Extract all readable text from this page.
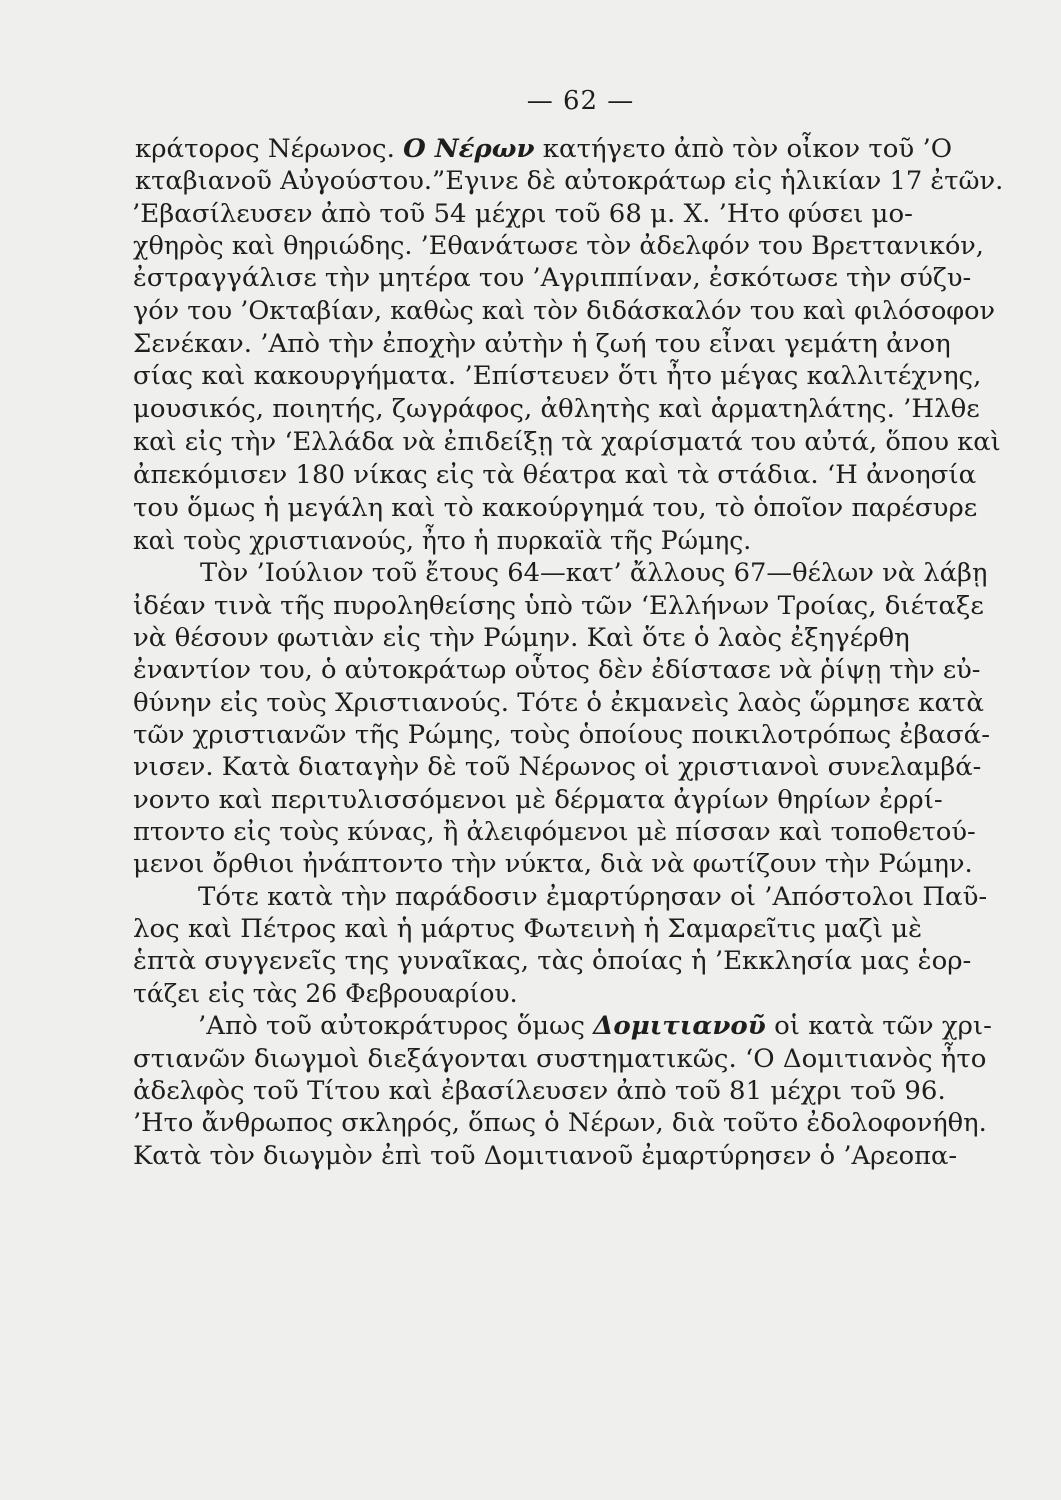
— 62 —
κράτορος Νέρωνος. Ο Νέρων κατήγετο ἀπὸ τὸν οἶκον τοῦ ’Ο
κταβιανοῦ Αὐγούστου.”Εγινε δὲ αὐτοκράτωρ εἰς ἡλικίαν 17 ἐτῶν.
’Εβασίλευσεν ἀπὸ τοῦ 54 μέχρι τοῦ 68 μ. Χ. ’Ητο φύσει μο-
χθηρὸς καὶ θηριώδης. ’Εθανάτωσε τὸν ἀδελφόν του Βρεττανικόν,
ἐστραγγάλισε τὴν μητέρα του ’Αγριππίναν, ἐσκότωσε τὴν σύζυ-
γόν του ’Οκταβίαν, καθὼς καὶ τὸν διδάσκαλόν του καὶ φιλόσοφον
Σενέκαν. ’Απὸ τὴν ἐποχὴν αὐτὴν ἡ ζωή του εἶναι γεμάτη ἀνοη
σίας καὶ κακουργήματα. ’Επίστευεν ὅτι ἦτο μέγας καλλιτέχνης,
μουσικός, ποιητής, ζωγράφος, ἀθλητὴς καὶ ἁρματηλάτης. ’Ηλθε
καὶ εἰς τὴν ‘Ελλάδα νὰ ἐπιδείξῃ τὰ χαρίσματά του αὐτά, ὅπου καὶ
ἀπεκόμισεν 180 νίκας εἰς τὰ θέατρα καὶ τὰ στάδια. ‘Η ἀνοησία
του ὅμως ἡ μεγάλη καὶ τὸ κακούργημά του, τὸ ὁποῖον παρέσυρε
καὶ τοὺς χριστιανούς, ἦτο ἡ πυρκαϊὰ τῆς Ρώμης.
Τὸν ’Ιούλιον τοῦ ἔτους 64—κατ’ ἄλλους 67—θέλων νὰ λάβῃ
ἰδέαν τινὰ τῆς πυροληθείσης ὑπὸ τῶν ‘Ελλήνων Τροίας, διέταξε
νὰ θέσουν φωτιὰν εἰς τὴν Ρώμην. Καὶ ὅτε ὁ λαὸς ἐξηγέρθη
ἐναντίον του, ὁ αὐτοκράτωρ οὗτος δὲν ἐδίστασε νὰ ῥίψῃ τὴν εὐ-
θύνην εἰς τοὺς Χριστιανούς. Τότε ὁ ἐκμανεὶς λαὸς ὥρμησε κατὰ
τῶν χριστιανῶν τῆς Ρώμης, τοὺς ὁποίους ποικιλοτρόπως ἐβασά-
νισεν. Κατὰ διαταγὴν δὲ τοῦ Νέρωνος οἱ χριστιανοὶ συνελαμβά-
νοντο καὶ περιτυλισσόμενοι μὲ δέρματα ἀγρίων θηρίων ἐρρί-
πτοντο εἰς τοὺς κύνας, ἢ ἀλειφόμενοι μὲ πίσσαν καὶ τοποθετού-
μενοι ὄρθιοι ἠνάπτοντο τὴν νύκτα, διὰ νὰ φωτίζουν τὴν Ρώμην.
Τότε κατὰ τὴν παράδοσιν ἐμαρτύρησαν οἱ ’Απόστολοι Παῦ-
λος καὶ Πέτρος καὶ ἡ μάρτυς Φωτεινὴ ἡ Σαμαρεῖτις μαζὶ μὲ
ἑπτὰ συγγενεῖς της γυναῖκας, τὰς ὁποίας ἡ ’Εκκλησία μας ἑορ-
τάζει εἰς τὰς 26 Φεβρουαρίου.
’Απὸ τοῦ αὐτοκράτυρος ὅμως Δομιτιανοῦ οἱ κατὰ τῶν χρι-
στιανῶν διωγμοὶ διεξάγονται συστηματικῶς. ‘Ο Δομιτιανὸς ἦτο
ἀδελφὸς τοῦ Τίτου καὶ ἐβασίλευσεν ἀπὸ τοῦ 81 μέχρι τοῦ 96.
’Ητο ἄνθρωπος σκληρός, ὅπως ὁ Νέρων, διὰ τοῦτο ἐδολοφονήθη.
Κατὰ τὸν διωγμὸν ἐπὶ τοῦ Δομιτιανοῦ ἐμαρτύρησεν ὁ ’Αρεοπα-
